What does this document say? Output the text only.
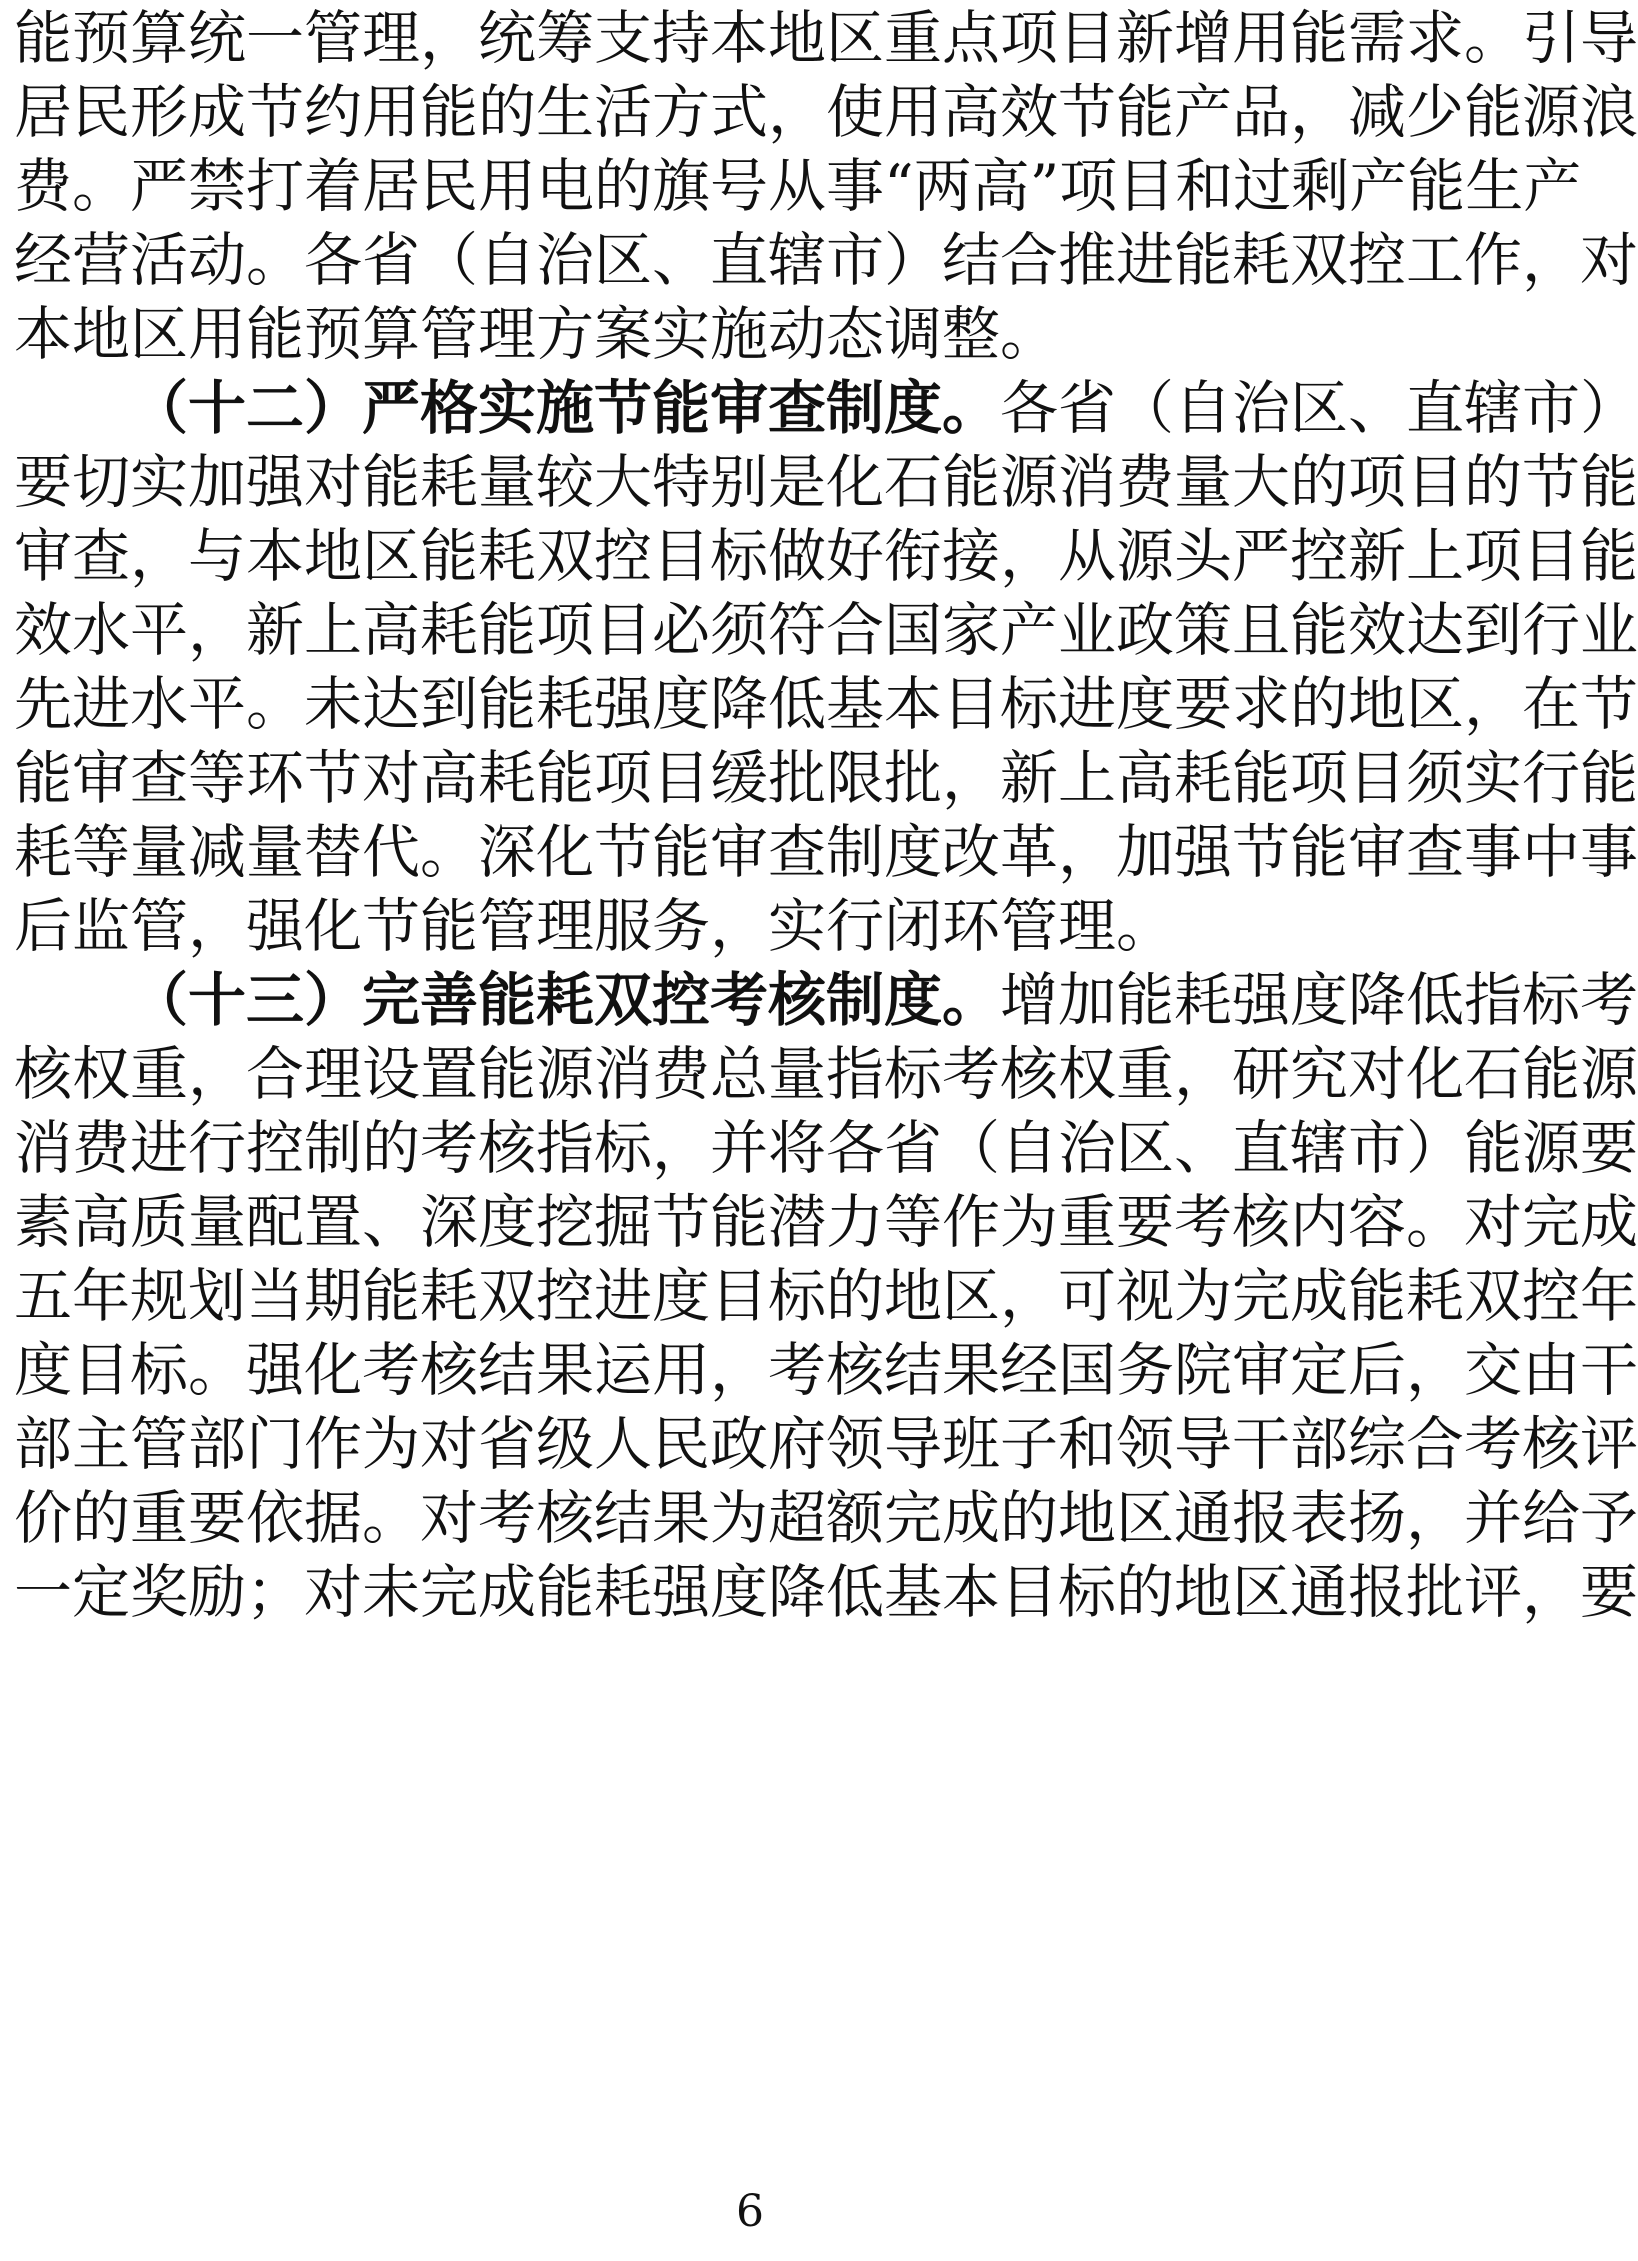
能预算统一管理，统筹支持本地区重点项目新增用能需求。引导
居民形成节约用能的生活方式，使用高效节能产品，减少能源浪
费。严禁打着居民用电的旗号从事“两高”项目和过剩产能生产
经营活动。各省（自治区、直辖市）结合推进能耗双控工作，对
本地区用能预算管理方案实施动态调整。
（十二）严格实施节能审查制度。各省（自治区、直辖市）
要切实加强对能耗量较大特别是化石能源消费量大的项目的节能
审查，与本地区能耗双控目标做好衔接，从源头严控新上项目能
效水平，新上高耗能项目必须符合国家产业政策且能效达到行业
先进水平。未达到能耗强度降低基本目标进度要求的地区，在节
能审查等环节对高耗能项目缓批限批，新上高耗能项目须实行能
耗等量减量替代。深化节能审查制度改革，加强节能审查事中事
后监管，强化节能管理服务，实行闭环管理。
（十三）完善能耗双控考核制度。增加能耗强度降低指标考
核权重，合理设置能源消费总量指标考核权重，研究对化石能源
消费进行控制的考核指标，并将各省（自治区、直辖市）能源要
素高质量配置、深度挖掘节能潜力等作为重要考核内容。对完成
五年规划当期能耗双控进度目标的地区，可视为完成能耗双控年
度目标。强化考核结果运用，考核结果经国务院审定后，交由干
部主管部门作为对省级人民政府领导班子和领导干部综合考核评
价的重要依据。对考核结果为超额完成的地区通报表扬，并给予
一定奖励；对未完成能耗强度降低基本目标的地区通报批评，要
6
